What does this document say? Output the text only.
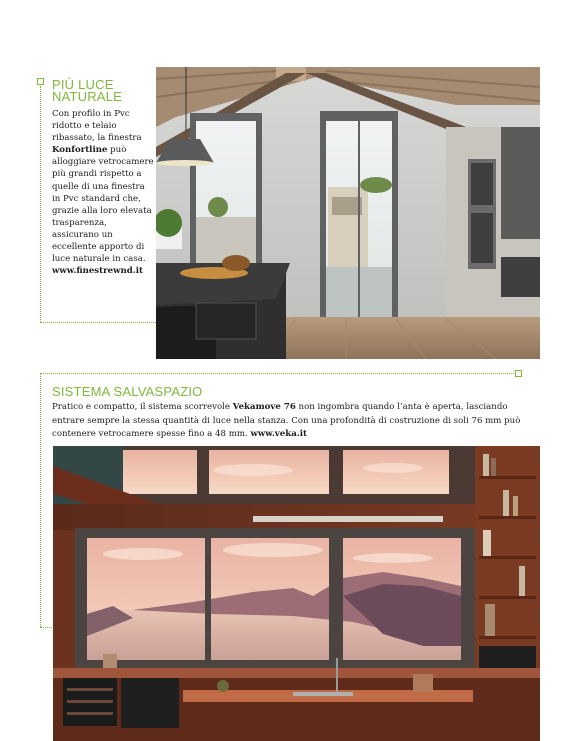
PIÙ LUCE NATURALE
Con profilo in Pvc ridotto e telaio ribassato, la finestra Konfortline può alloggiare vetrocamere più grandi rispetto a quelle di una finestra in Pvc standard che, grazie alla loro elevata trasparenza, assicurano un eccellente apporto di luce naturale in casa.
www.finestrewnd.it
SISTEMA SALVASPAZIO
Pratico e compatto, il sistema scorrevole Vekamove 76 non ingombra quando l’anta è aperta, lasciando entrare sempre la stessa quantità di luce nella stanza. Con una profondità di costruzione di soli 76 mm può contenere vetrocamere spesse fino a 48 mm. www.veka.it
